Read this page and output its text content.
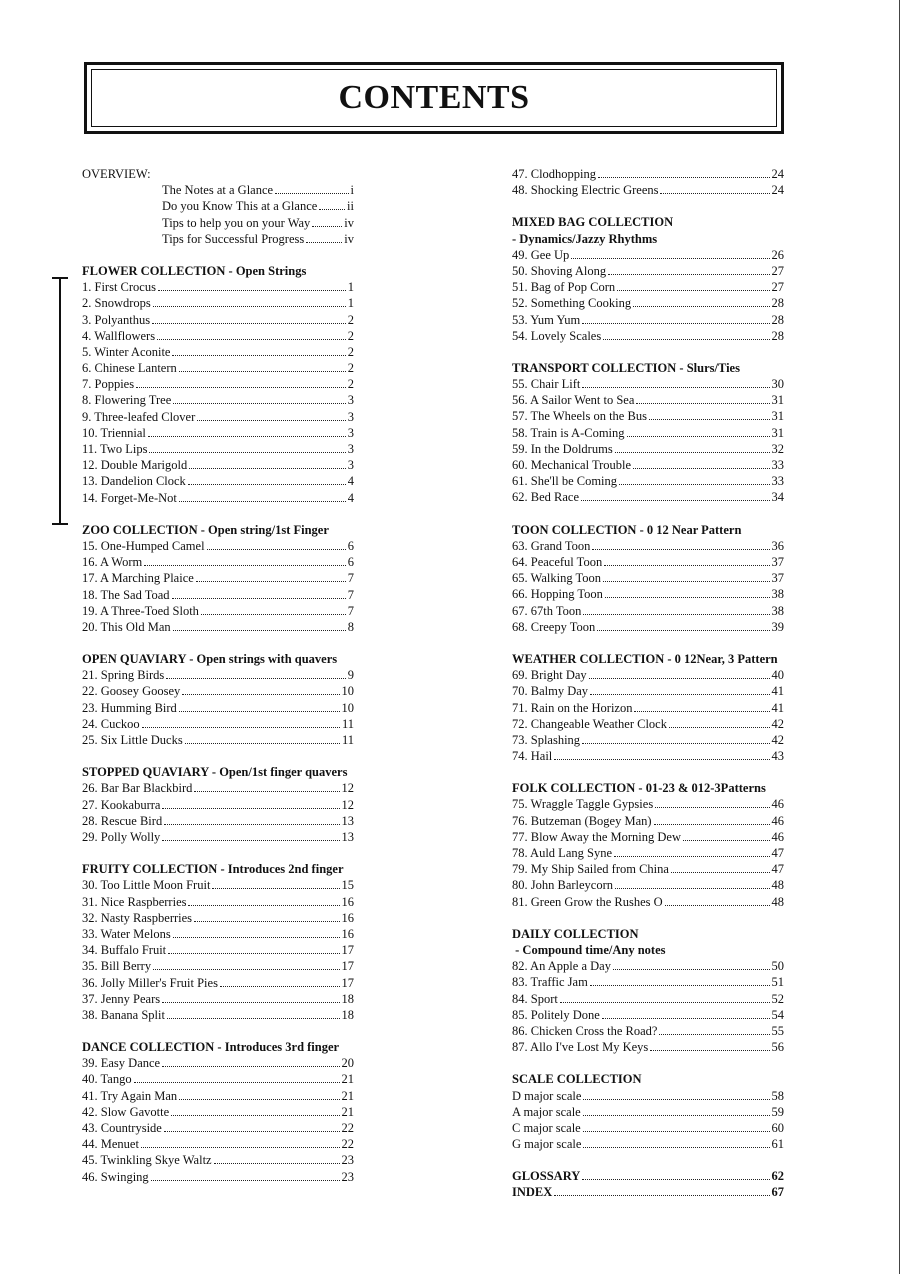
CONTENTS
OVERVIEW:
The Notes at a Glance	i
Do you Know This at a Glance ii
Tips to help you on your Way	iv
Tips for Successful Progress	iv
FLOWER COLLECTION - Open Strings
1. First Crocus	1
2. Snowdrops	1
3. Polyanthus	2
4. Wallflowers	2
5. Winter Aconite	2
6. Chinese Lantern	2
7. Poppies	2
8. Flowering Tree	3
9. Three-leafed Clover	3
10. Triennial	3
11. Two Lips	3
12. Double Marigold	3
13. Dandelion Clock	4
14. Forget-Me-Not	4
ZOO COLLECTION - Open string/1st Finger
15. One-Humped Camel	6
16. A Worm	6
17. A Marching Plaice	7
18. The Sad Toad	7
19. A Three-Toed Sloth	7
20. This Old Man	8
OPEN QUAVIARY - Open strings with quavers
21. Spring Birds	9
22. Goosey Goosey	10
23. Humming Bird	10
24. Cuckoo	11
25. Six Little Ducks	11
STOPPED QUAVIARY - Open/1st finger quavers
26. Bar Bar Blackbird	12
27. Kookaburra	12
28. Rescue Bird	13
29. Polly Wolly	13
FRUITY COLLECTION - Introduces 2nd finger
30. Too Little Moon Fruit	15
31. Nice Raspberries	16
32. Nasty Raspberries	16
33. Water Melons	16
34. Buffalo Fruit	17
35. Bill Berry	17
36. Jolly Miller's Fruit Pies	17
37. Jenny Pears	18
38. Banana Split	18
DANCE COLLECTION - Introduces 3rd finger
39. Easy Dance	20
40. Tango	21
41. Try Again Man	21
42. Slow Gavotte	21
43. Countryside	22
44. Menuet	22
45. Twinkling Skye Waltz	23
46. Swinging	23
47. Clodhopping	24
48. Shocking Electric Greens	24
MIXED BAG COLLECTION
- Dynamics/Jazzy Rhythms
49. Gee Up	26
50. Shoving Along	27
51. Bag of Pop Corn	27
52. Something Cooking	28
53. Yum Yum	28
54. Lovely Scales	28
TRANSPORT COLLECTION - Slurs/Ties
55. Chair Lift	30
56. A Sailor Went to Sea	31
57. The Wheels on the Bus	31
58. Train is A-Coming	31
59. In the Doldrums	32
60. Mechanical Trouble	33
61. She'll be Coming	33
62. Bed Race	34
TOON COLLECTION - 0 12 Near Pattern
63. Grand Toon	36
64. Peaceful Toon	37
65. Walking Toon	37
66. Hopping Toon	38
67. 67th Toon	38
68. Creepy Toon	39
WEATHER COLLECTION - 0 12Near, 3 Pattern
69. Bright Day	40
70. Balmy Day	41
71. Rain on the Horizon	41
72. Changeable Weather Clock	42
73. Splashing	42
74. Hail	43
FOLK COLLECTION - 01-23 & 012-3Patterns
75. Wraggle Taggle Gypsies	46
76. Butzeman (Bogey Man)	46
77. Blow Away the Morning Dew	46
78. Auld Lang Syne	47
79. My Ship Sailed from China	47
80. John Barleycorn	48
81. Green Grow the Rushes O	48
DAILY COLLECTION
- Compound time/Any notes
82. An Apple a Day	50
83. Traffic Jam	51
84. Sport	52
85. Politely Done	54
86. Chicken Cross the Road?	55
87. Allo I've Lost My Keys	56
SCALE COLLECTION
D major scale	58
A major scale	59
C major scale	60
G major scale	61
GLOSSARY	62
INDEX	67
